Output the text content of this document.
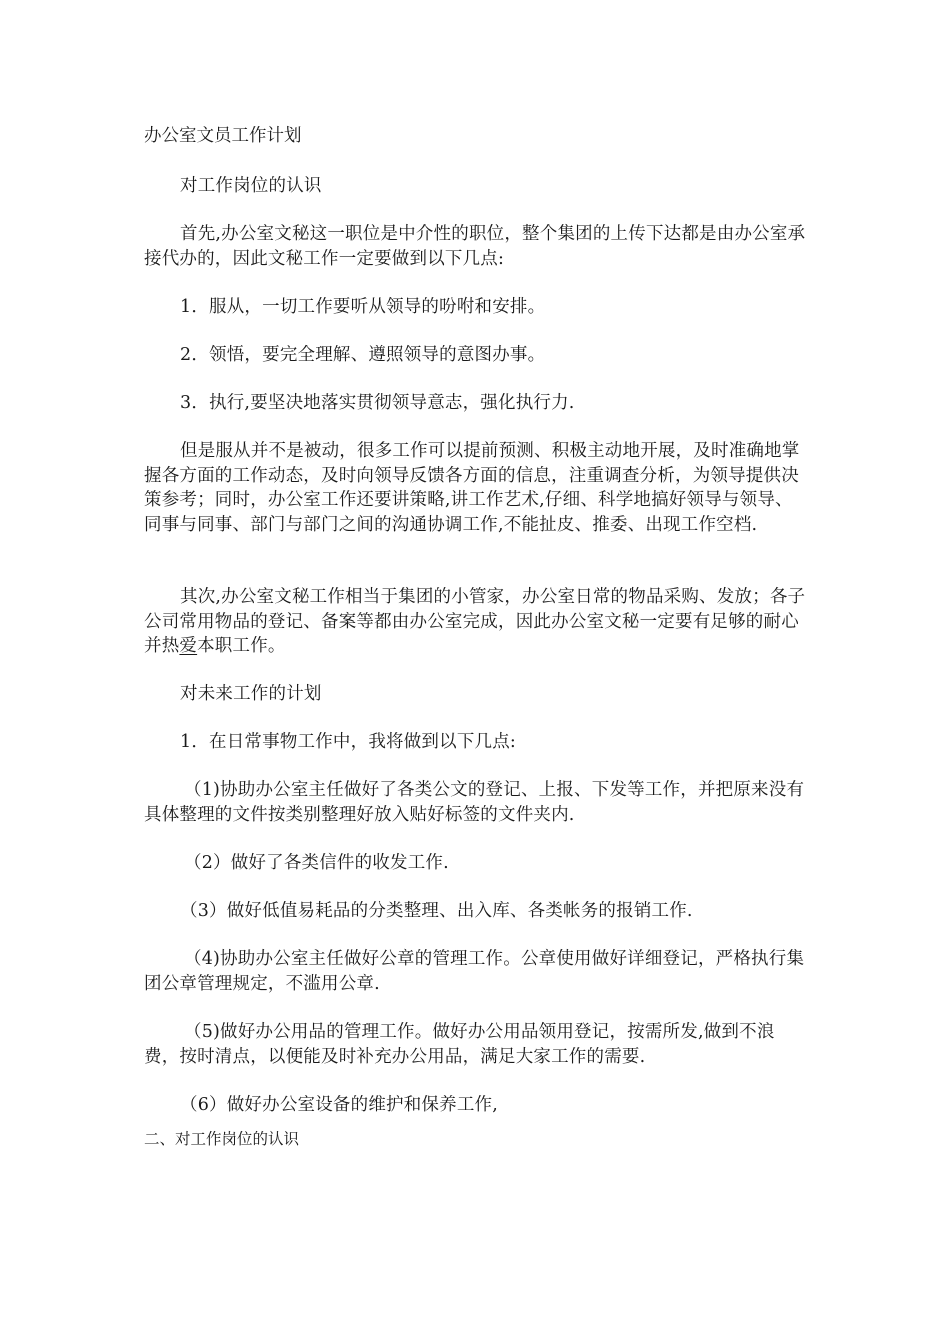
办公室文员工作计划
对工作岗位的认识
首先,办公室文秘这一职位是中介性的职位，整个集团的上传下达都是由办公室承接代办的，因此文秘工作一定要做到以下几点:
1．服从，一切工作要听从领导的吩咐和安排。
2．领悟，要完全理解、遵照领导的意图办事。
3．执行,要坚决地落实贯彻领导意志，强化执行力.
但是服从并不是被动，很多工作可以提前预测、积极主动地开展，及时准确地掌握各方面的工作动态，及时向领导反馈各方面的信息，注重调查分析，为领导提供决策参考；同时，办公室工作还要讲策略,讲工作艺术,仔细、科学地搞好领导与领导、同事与同事、部门与部门之间的沟通协调工作,不能扯皮、推委、出现工作空档.
其次,办公室文秘工作相当于集团的小管家，办公室日常的物品采购、发放；各子公司常用物品的登记、备案等都由办公室完成，因此办公室文秘一定要有足够的耐心并热爱本职工作。
对未来工作的计划
1．在日常事物工作中，我将做到以下几点:
（1)协助办公室主任做好了各类公文的登记、上报、下发等工作，并把原来没有具体整理的文件按类别整理好放入贴好标签的文件夹内.
（2）做好了各类信件的收发工作.
（3）做好低值易耗品的分类整理、出入库、各类帐务的报销工作.
（4)协助办公室主任做好公章的管理工作。公章使用做好详细登记，严格执行集团公章管理规定，不滥用公章.
（5)做好办公用品的管理工作。做好办公用品领用登记，按需所发,做到不浪费，按时清点，以便能及时补充办公用品，满足大家工作的需要.
（6）做好办公室设备的维护和保养工作,
二、对工作岗位的认识
